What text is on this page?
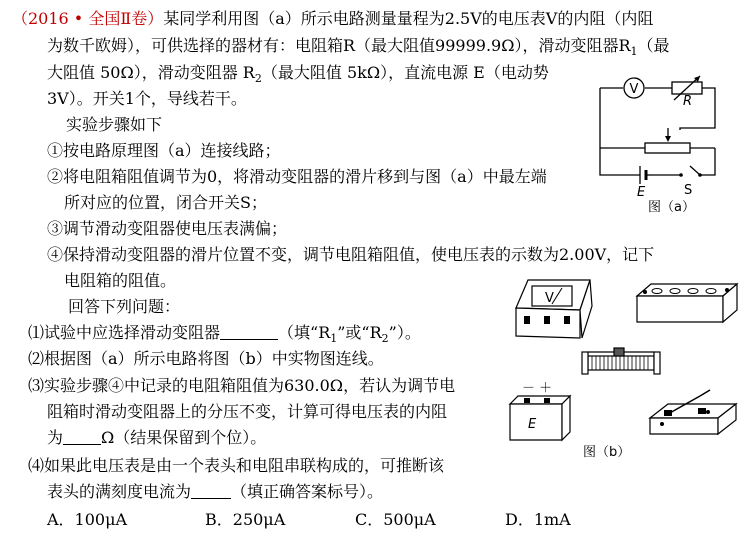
（2016 • 全国Ⅱ卷）某同学利用图（a）所示电路测量量程为2.5V的电压表V的内阻（内阻
为数千欧姆），可供选择的器材有：电阻箱R（最大阻值99999.9Ω），滑动变阻器$R_1$（最
大阻值 50Ω），滑动变阻器 $R_2$（最大阻值 5kΩ），直流电源 E（电动势
3V）。开关1个，导线若干。
实验步骤如下
①按电路原理图（a）连接线路；
②将电阻箱阻值调节为0，将滑动变阻器的滑片移到与图（a）中最左端
所对应的位置，闭合开关S；
③调节滑动变阻器使电压表满偏；
④保持滑动变阻器的滑片位置不变，调节电阻箱阻值，使电压表的示数为2.00V，记下
电阻箱的阻值。
回答下列问题：
⑴试验中应选择滑动变阻器	（填“$R_1$”或“$R_2$”）。
⑵根据图（a）所示电路将图（b）中实物图连线。
⑶实验步骤④中记录的电阻箱阻值为630.0Ω，若认为调节电
阻箱时滑动变阻器上的分压不变，计算可得电压表的内阻
为 Ω（结果保留到个位）。
⑷如果此电压表是由一个表头和电阻串联构成的，可推断该
表头的满刻度电流为	（填正确答案标号）。
A．100μA	B．250μA	C．500μA	D．1mA
V
R
E	S
图（a）
V
－ ＋
E
图（b）
